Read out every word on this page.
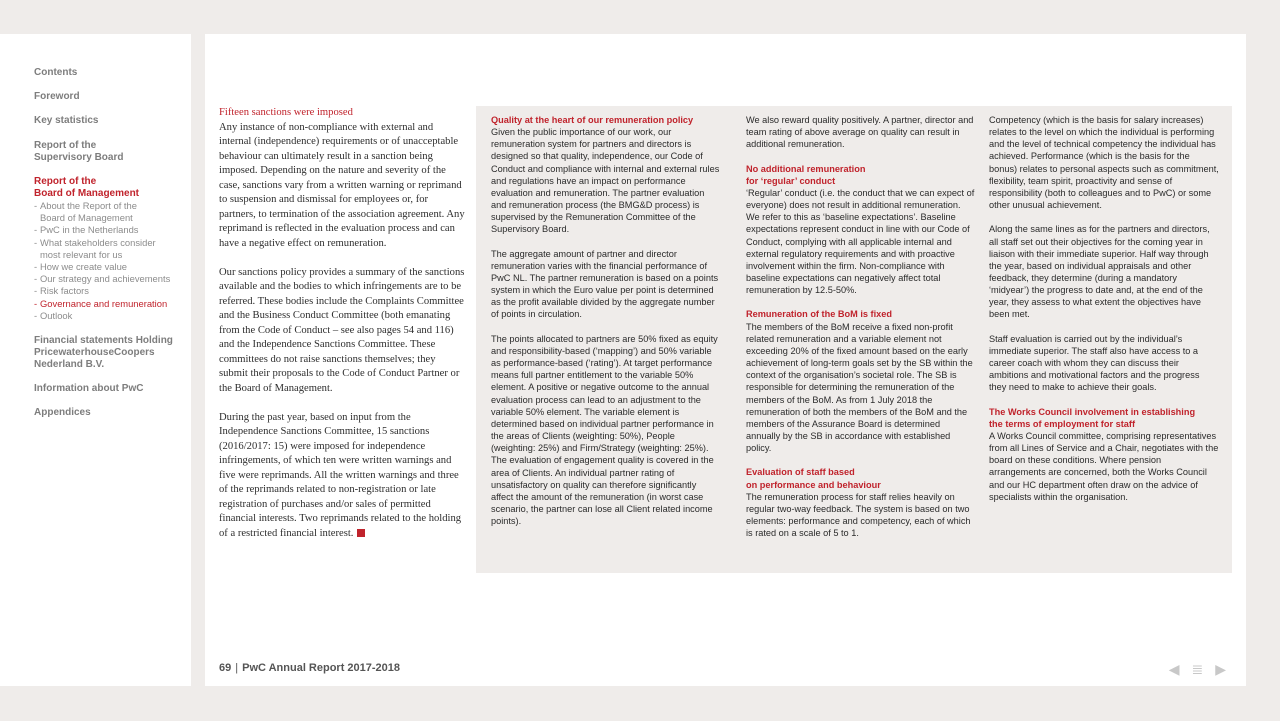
Contents
Foreword
Key statistics
Report of the
Supervisory Board
Report of the
Board of Management
- About the Report of the
Board of Management
- PwC in the Netherlands
- What stakeholders consider
most relevant for us
- How we create value
- Our strategy and achievements
- Risk factors
- Governance and remuneration
- Outlook
Financial statements Holding
PricewaterhouseCoopers
Nederland B.V.
Information about PwC
Appendices
Fifteen sanctions were imposed

Any instance of non-compliance with external and internal (independence) requirements or of unacceptable behaviour can ultimately result in a sanction being imposed. Depending on the nature and severity of the case, sanctions vary from a written warning or reprimand to suspension and dismissal for employees or, for partners, to termination of the association agreement. Any reprimand is reflected in the evaluation process and can have a negative effect on remuneration.

Our sanctions policy provides a summary of the sanctions available and the bodies to which infringements are to be referred. These bodies include the Complaints Committee and the Business Conduct Committee (both emanating from the Code of Conduct – see also pages 54 and 116) and the Independence Sanctions Committee. These committees do not raise sanctions themselves; they submit their proposals to the Code of Conduct Partner or the Board of Management.

During the past year, based on input from the Independence Sanctions Committee, 15 sanctions (2016/2017: 15) were imposed for independence infringements, of which ten were written warnings and five were reprimands. All the written warnings and three of the reprimands related to non-registration or late registration of purchases and/or sales of permitted financial interests. Two reprimands related to the holding of a restricted financial interest.

Quality at the heart of our remuneration policy

Given the public importance of our work, our remuneration system for partners and directors is designed so that quality, independence, our Code of Conduct and compliance with internal and external rules and regulations have an impact on performance evaluation and remuneration. The partner evaluation and remuneration process (the BMG&D process) is supervised by the Remuneration Committee of the Supervisory Board.

The aggregate amount of partner and director remuneration varies with the financial performance of PwC NL. The partner remuneration is based on a points system in which the Euro value per point is determined as the profit available divided by the aggregate number of points in circulation.

The points allocated to partners are 50% fixed as equity and responsibility-based (‘mapping’) and 50% variable as performance-based (‘rating’). At target performance means full partner entitlement to the variable 50% element. A positive or negative outcome to the annual evaluation process can lead to an adjustment to the variable 50% element. The variable element is determined based on individual partner performance in the areas of Clients (weighting: 50%), People (weighting: 25%) and Firm/Strategy (weighting: 25%). The evaluation of engagement quality is covered in the area of Clients. An individual partner rating of unsatisfactory on quality can therefore significantly affect the amount of the remuneration (in worst case scenario, the partner can lose all Client related income points).

We also reward quality positively. A partner, director and team rating of above average on quality can result in additional remuneration.

No additional remuneration
for ‘regular’ conduct

‘Regular’ conduct (i.e. the conduct that we can expect of everyone) does not result in additional remuneration. We refer to this as ‘baseline expectations’. Baseline expectations represent conduct in line with our Code of Conduct, complying with all applicable internal and external regulatory requirements and with proactive involvement within the firm. Non-compliance with baseline expectations can negatively affect total remuneration by 12.5-50%.

Remuneration of the BoM is fixed

The members of the BoM receive a fixed non-profit related remuneration and a variable element not exceeding 20% of the fixed amount based on the early achievement of long-term goals set by the SB within the context of the organisation’s societal role. The SB is responsible for determining the remuneration of the members of the BoM. As from 1 July 2018 the remuneration of both the members of the BoM and the members of the Assurance Board is determined annually by the SB in accordance with established policy.

Evaluation of staff based
on performance and behaviour

The remuneration process for staff relies heavily on regular two-way feedback. The system is based on two elements: performance and competency, each of which is rated on a scale of 5 to 1.

Competency (which is the basis for salary increases) relates to the level on which the individual is performing and the level of technical competency the individual has achieved. Performance (which is the basis for the bonus) relates to personal aspects such as commitment, flexibility, team spirit, proactivity and sense of responsibility (both to colleagues and to PwC) or some other unusual achievement.

Along the same lines as for the partners and directors, all staff set out their objectives for the coming year in liaison with their immediate superior. Half way through the year, based on individual appraisals and other feedback, they determine (during a mandatory ‘midyear’) the progress to date and, at the end of the year, they assess to what extent the objectives have been met.

Staff evaluation is carried out by the individual’s immediate superior. The staff also have access to a career coach with whom they can discuss their ambitions and motivational factors and the progress they need to make to achieve their goals.

The Works Council involvement in establishing
the terms of employment for staff

A Works Council committee, comprising representatives from all Lines of Service and a Chair, negotiates with the board on these conditions. Where pension arrangements are concerned, both the Works Council and our HC department often draw on the advice of specialists within the organisation.

69 | PwC Annual Report 2017-2018	◀ ≣ ▶
